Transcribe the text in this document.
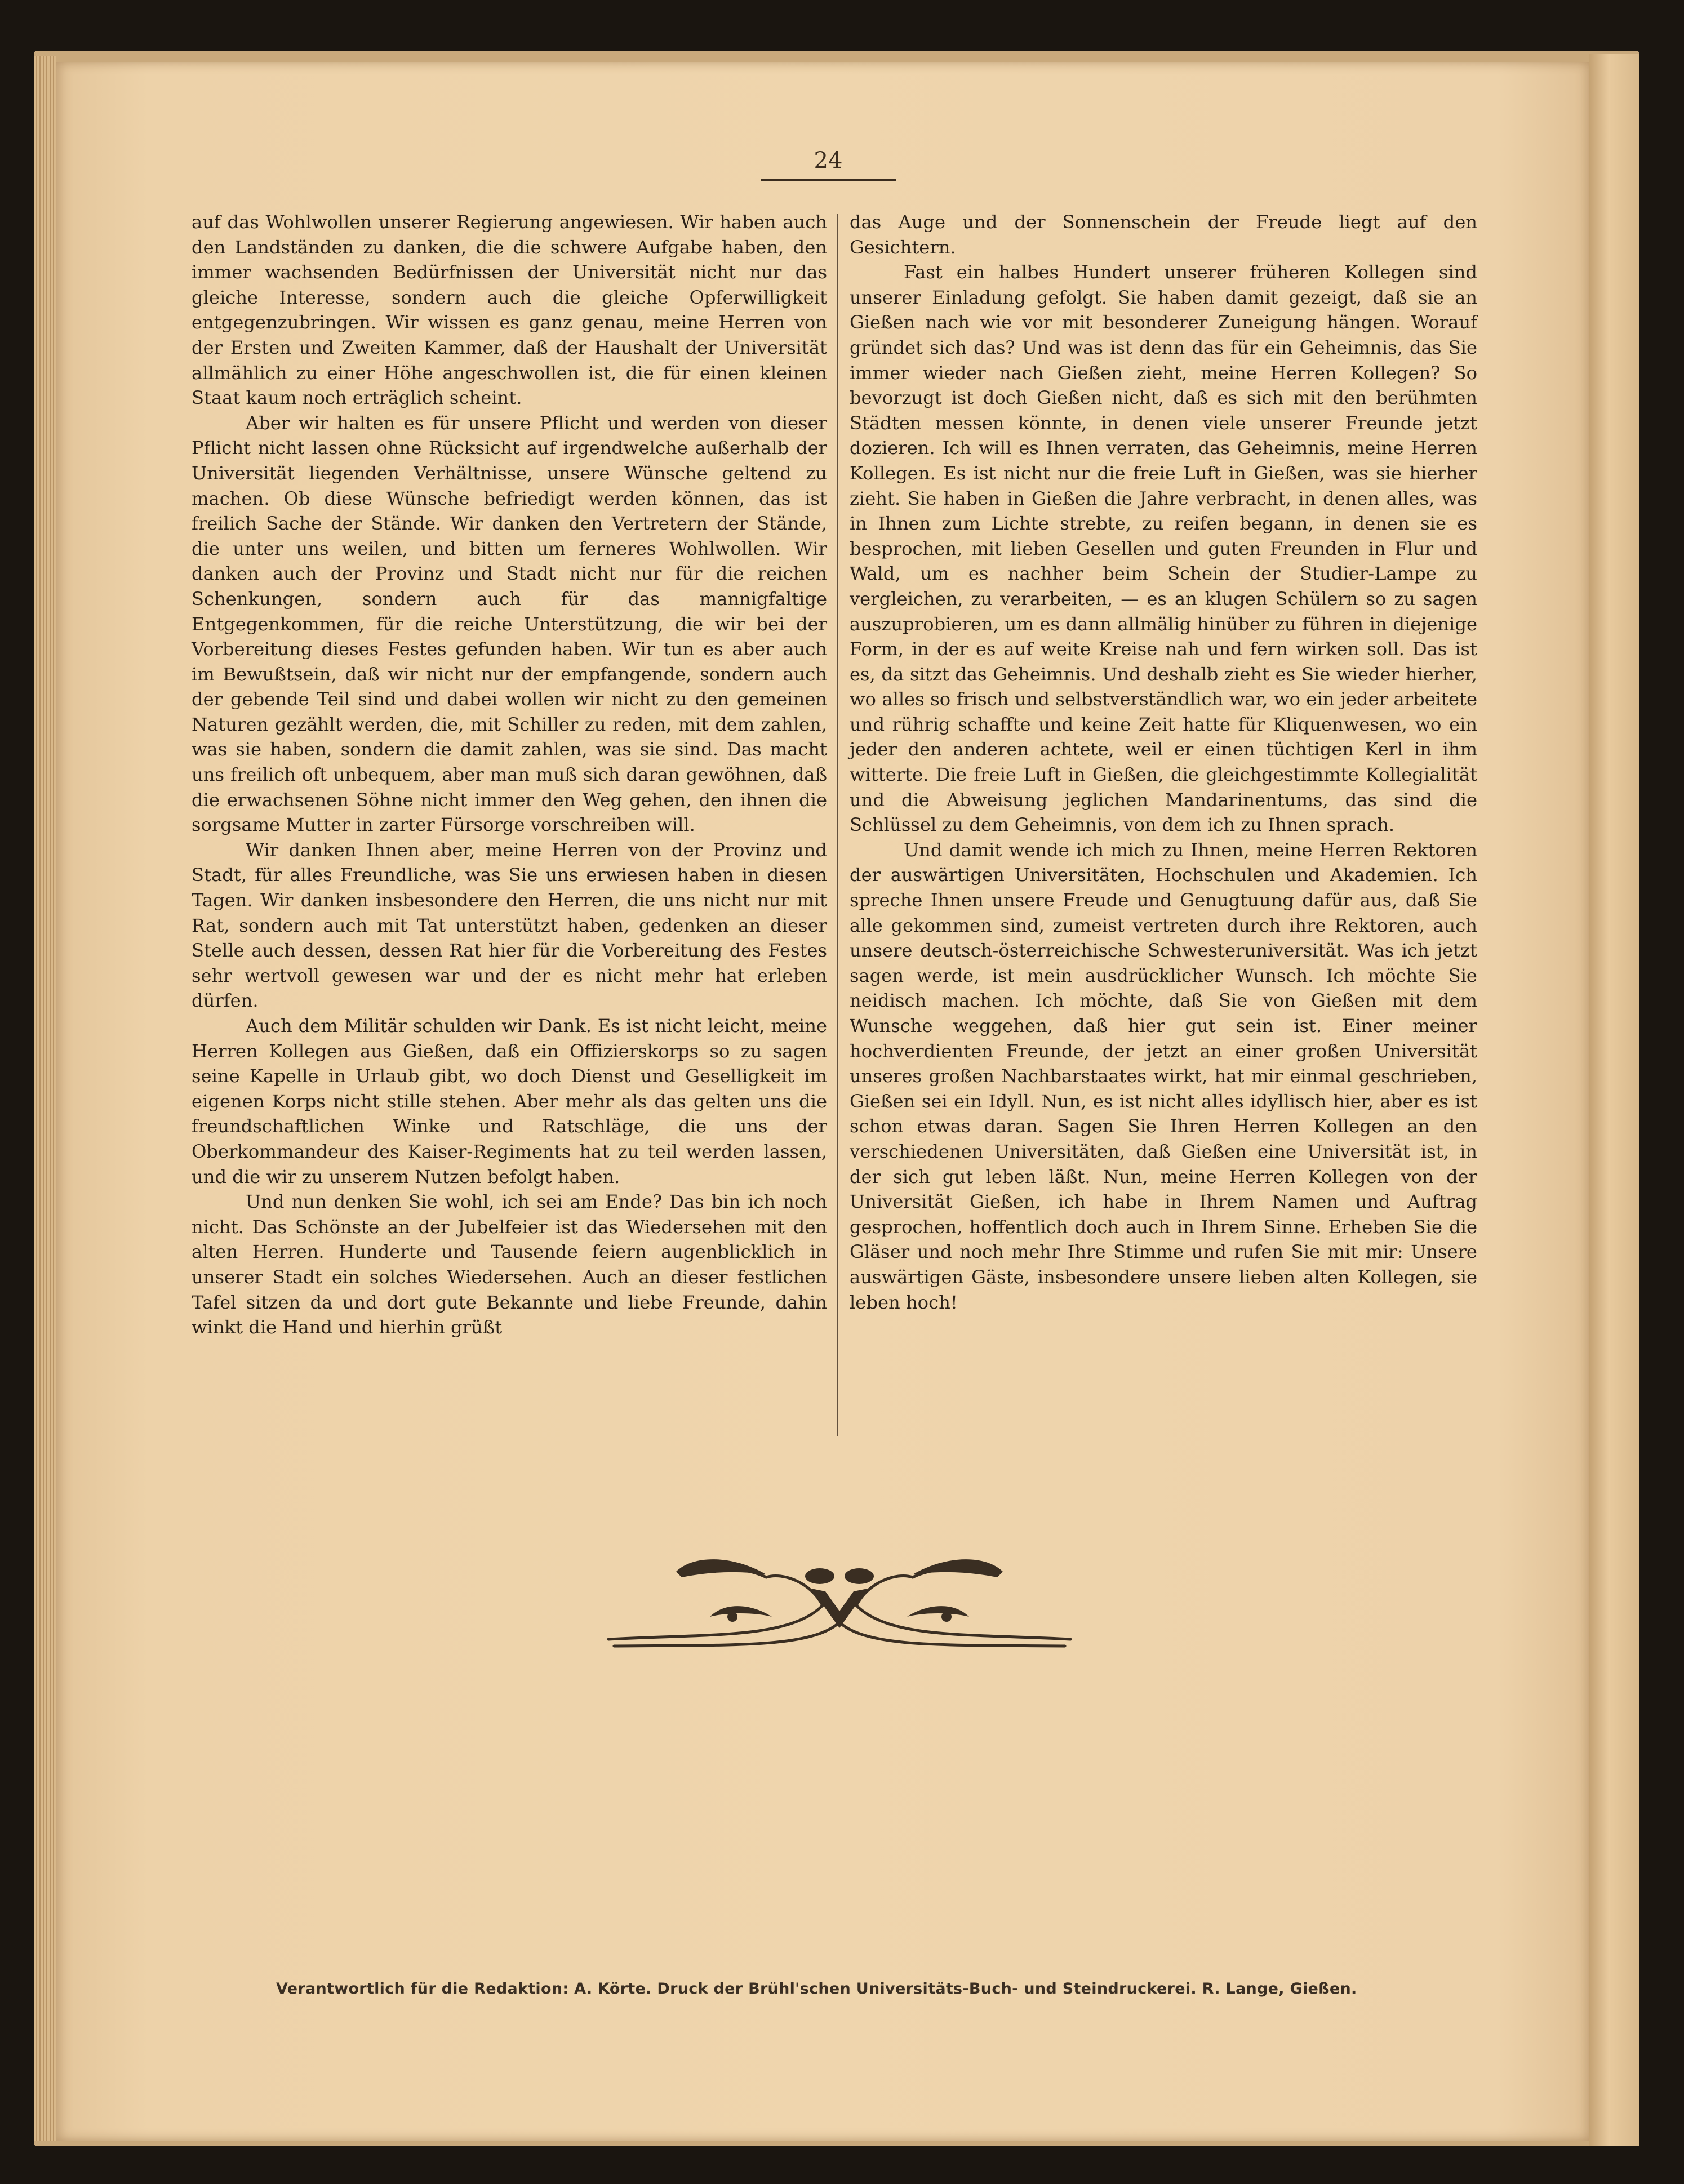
24

auf das Wohlwollen unserer Regierung angewiesen. Wir haben auch den Landständen zu danken, die die schwere Aufgabe haben, den immer wachsenden Bedürfnissen der Universität nicht nur das gleiche Interesse, sondern auch die gleiche Opferwilligkeit entgegenzubringen. Wir wissen es ganz genau, meine Herren von der Ersten und Zweiten Kammer, daß der Haushalt der Universität allmählich zu einer Höhe angeschwollen ist, die für einen kleinen Staat kaum noch erträglich scheint.

Aber wir halten es für unsere Pflicht und werden von dieser Pflicht nicht lassen ohne Rücksicht auf irgendwelche außerhalb der Universität liegenden Verhältnisse, unsere Wünsche geltend zu machen. Ob diese Wünsche befriedigt werden können, das ist freilich Sache der Stände. Wir danken den Vertretern der Stände, die unter uns weilen, und bitten um ferneres Wohlwollen. Wir danken auch der Provinz und Stadt nicht nur für die reichen Schenkungen, sondern auch für das mannigfaltige Entgegenkommen, für die reiche Unterstützung, die wir bei der Vorbereitung dieses Festes gefunden haben. Wir tun es aber auch im Bewußtsein, daß wir nicht nur der empfangende, sondern auch der gebende Teil sind und dabei wollen wir nicht zu den gemeinen Naturen gezählt werden, die, mit Schiller zu reden, mit dem zahlen, was sie haben, sondern die damit zahlen, was sie sind. Das macht uns freilich oft unbequem, aber man muß sich daran gewöhnen, daß die erwachsenen Söhne nicht immer den Weg gehen, den ihnen die sorgsame Mutter in zarter Fürsorge vorschreiben will.

Wir danken Ihnen aber, meine Herren von der Provinz und Stadt, für alles Freundliche, was Sie uns erwiesen haben in diesen Tagen. Wir danken insbesondere den Herren, die uns nicht nur mit Rat, sondern auch mit Tat unterstützt haben, gedenken an dieser Stelle auch dessen, dessen Rat hier für die Vorbereitung des Festes sehr wertvoll gewesen war und der es nicht mehr hat erleben dürfen.

Auch dem Militär schulden wir Dank. Es ist nicht leicht, meine Herren Kollegen aus Gießen, daß ein Offizierskorps so zu sagen seine Kapelle in Urlaub gibt, wo doch Dienst und Geselligkeit im eigenen Korps nicht stille stehen. Aber mehr als das gelten uns die freundschaftlichen Winke und Ratschläge, die uns der Oberkommandeur des Kaiser-Regiments hat zu teil werden lassen, und die wir zu unserem Nutzen befolgt haben.

Und nun denken Sie wohl, ich sei am Ende? Das bin ich noch nicht. Das Schönste an der Jubelfeier ist das Wiedersehen mit den alten Herren. Hunderte und Tausende feiern augenblicklich in unserer Stadt ein solches Wiedersehen. Auch an dieser festlichen Tafel sitzen da und dort gute Bekannte und liebe Freunde, dahin winkt die Hand und hierhin grüßt

das Auge und der Sonnenschein der Freude liegt auf den Gesichtern.

Fast ein halbes Hundert unserer früheren Kollegen sind unserer Einladung gefolgt. Sie haben damit gezeigt, daß sie an Gießen nach wie vor mit besonderer Zuneigung hängen. Worauf gründet sich das? Und was ist denn das für ein Geheimnis, das Sie immer wieder nach Gießen zieht, meine Herren Kollegen? So bevorzugt ist doch Gießen nicht, daß es sich mit den berühmten Städten messen könnte, in denen viele unserer Freunde jetzt dozieren. Ich will es Ihnen verraten, das Geheimnis, meine Herren Kollegen. Es ist nicht nur die freie Luft in Gießen, was sie hierher zieht. Sie haben in Gießen die Jahre verbracht, in denen alles, was in Ihnen zum Lichte strebte, zu reifen begann, in denen sie es besprochen, mit lieben Gesellen und guten Freunden in Flur und Wald, um es nachher beim Schein der Studier-Lampe zu vergleichen, zu verarbeiten, — es an klugen Schülern so zu sagen auszuprobieren, um es dann allmälig hinüber zu führen in diejenige Form, in der es auf weite Kreise nah und fern wirken soll. Das ist es, da sitzt das Geheimnis. Und deshalb zieht es Sie wieder hierher, wo alles so frisch und selbstverständlich war, wo ein jeder arbeitete und rührig schaffte und keine Zeit hatte für Kliquenwesen, wo ein jeder den anderen achtete, weil er einen tüchtigen Kerl in ihm witterte. Die freie Luft in Gießen, die gleichgestimmte Kollegialität und die Abweisung jeglichen Mandarinentums, das sind die Schlüssel zu dem Geheimnis, von dem ich zu Ihnen sprach.

Und damit wende ich mich zu Ihnen, meine Herren Rektoren der auswärtigen Universitäten, Hochschulen und Akademien. Ich spreche Ihnen unsere Freude und Genugtuung dafür aus, daß Sie alle gekommen sind, zumeist vertreten durch ihre Rektoren, auch unsere deutsch-österreichische Schwesteruniversität. Was ich jetzt sagen werde, ist mein ausdrücklicher Wunsch. Ich möchte Sie neidisch machen. Ich möchte, daß Sie von Gießen mit dem Wunsche weggehen, daß hier gut sein ist. Einer meiner hochverdienten Freunde, der jetzt an einer großen Universität unseres großen Nachbarstaates wirkt, hat mir einmal geschrieben, Gießen sei ein Idyll. Nun, es ist nicht alles idyllisch hier, aber es ist schon etwas daran. Sagen Sie Ihren Herren Kollegen an den verschiedenen Universitäten, daß Gießen eine Universität ist, in der sich gut leben läßt. Nun, meine Herren Kollegen von der Universität Gießen, ich habe in Ihrem Namen und Auftrag gesprochen, hoffentlich doch auch in Ihrem Sinne. Erheben Sie die Gläser und noch mehr Ihre Stimme und rufen Sie mit mir: Unsere auswärtigen Gäste, insbesondere unsere lieben alten Kollegen, sie leben hoch!

Verantwortlich für die Redaktion: A. Körte. Druck der Brühl'schen Universitäts-Buch- und Steindruckerei. R. Lange, Gießen.
